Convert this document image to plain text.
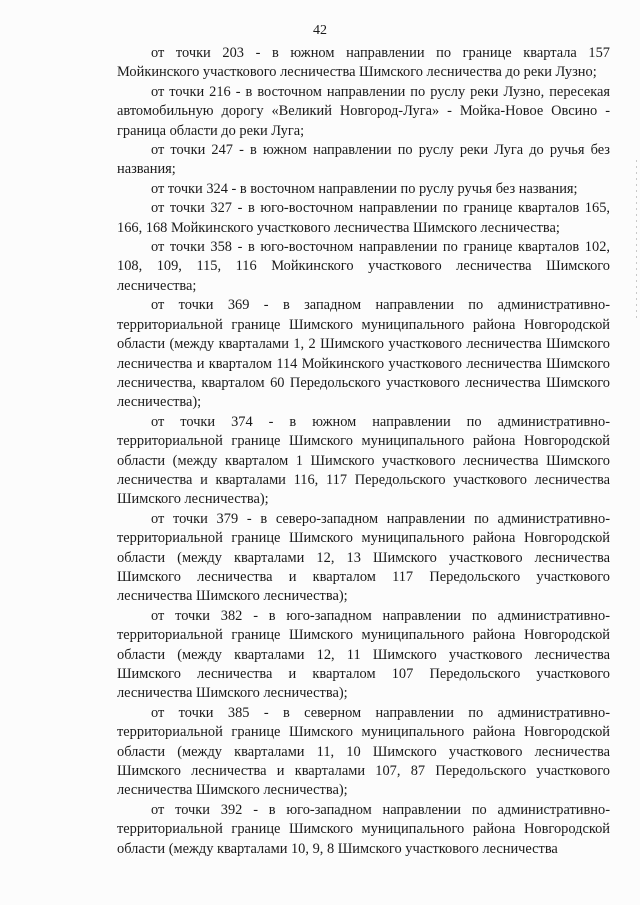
42

от точки 203 - в южном направлении по границе квартала 157 Мойкинского участкового лесничества Шимского лесничества до реки Лузно;

от точки 216 - в восточном направлении по руслу реки Лузно, пересекая автомобильную дорогу «Великий Новгород-Луга» - Мойка-Новое Овсино - граница области до реки Луга;

от точки 247 - в южном направлении по руслу реки Луга до ручья без названия;

от точки 324 - в восточном направлении по руслу ручья без названия;

от точки 327 - в юго-восточном направлении по границе кварталов 165, 166, 168 Мойкинского участкового лесничества Шимского лесничества;

от точки 358 - в юго-восточном направлении по границе кварталов 102, 108, 109, 115, 116 Мойкинского участкового лесничества Шимского лесничества;

от точки 369 - в западном направлении по административно-территориальной границе Шимского муниципального района Новгородской области (между кварталами 1, 2 Шимского участкового лесничества Шимского лесничества и кварталом 114 Мойкинского участкового лесничества Шимского лесничества, кварталом 60 Передольского участкового лесничества Шимского лесничества);

от точки 374 - в южном направлении по административно-территориальной границе Шимского муниципального района Новгородской области (между кварталом 1 Шимского участкового лесничества Шимского лесничества и кварталами 116, 117 Передольского участкового лесничества Шимского лесничества);

от точки 379 - в северо-западном направлении по административно-территориальной границе Шимского муниципального района Новгородской области (между кварталами 12, 13 Шимского участкового лесничества Шимского лесничества и кварталом 117 Передольского участкового лесничества Шимского лесничества);

от точки 382 - в юго-западном направлении по административно-территориальной границе Шимского муниципального района Новгородской области (между кварталами 12, 11 Шимского участкового лесничества Шимского лесничества и кварталом 107 Передольского участкового лесничества Шимского лесничества);

от точки 385 - в северном направлении по административно-территориальной границе Шимского муниципального района Новгородской области (между кварталами 11, 10 Шимского участкового лесничества Шимского лесничества и кварталами 107, 87 Передольского участкового лесничества Шимского лесничества);

от точки 392 - в юго-западном направлении по административно-территориальной границе Шимского муниципального района Новгородской области (между кварталами 10, 9, 8 Шимского участкового лесничества
